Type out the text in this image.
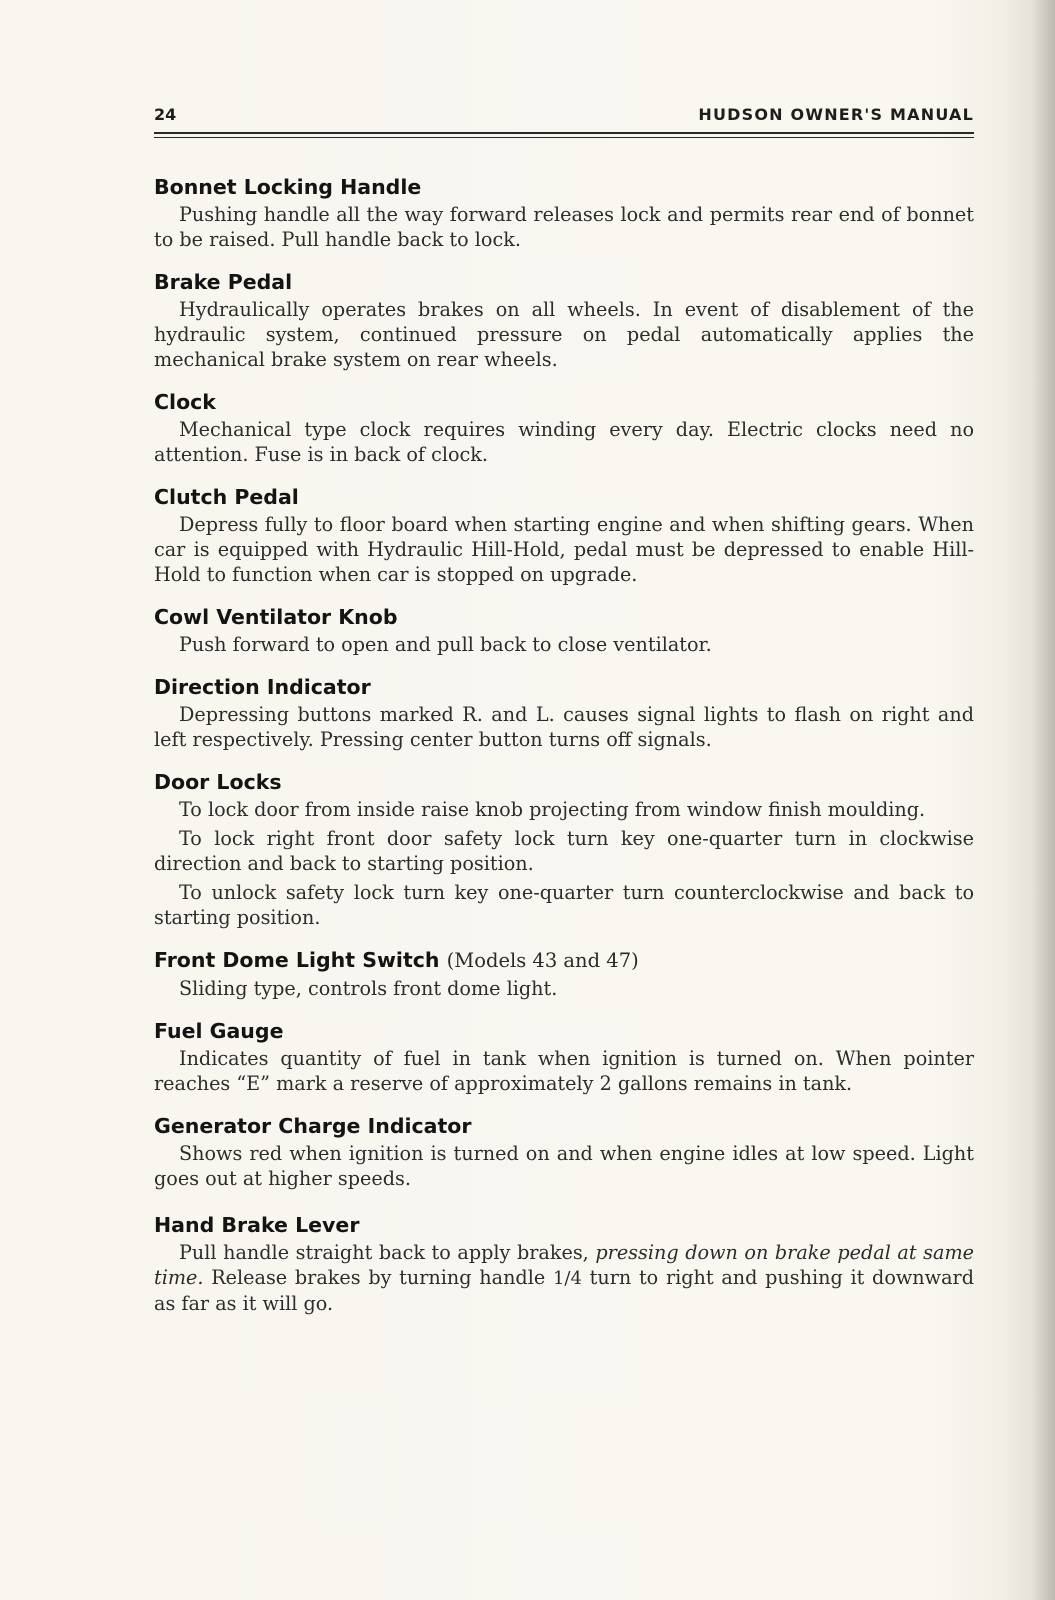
24	HUDSON OWNER'S MANUAL
Bonnet Locking Handle

Pushing handle all the way forward releases lock and permits rear end of bonnet to be raised. Pull handle back to lock.

Brake Pedal

Hydraulically operates brakes on all wheels. In event of disablement of the hydraulic system, continued pressure on pedal automatically applies the mechanical brake system on rear wheels.

Clock

Mechanical type clock requires winding every day. Electric clocks need no attention. Fuse is in back of clock.

Clutch Pedal

Depress fully to floor board when starting engine and when shifting gears. When car is equipped with Hydraulic Hill-Hold, pedal must be depressed to enable Hill-Hold to function when car is stopped on upgrade.

Cowl Ventilator Knob

Push forward to open and pull back to close ventilator.

Direction Indicator

Depressing buttons marked R. and L. causes signal lights to flash on right and left respectively. Pressing center button turns off signals.

Door Locks

To lock door from inside raise knob projecting from window finish moulding.

To lock right front door safety lock turn key one-quarter turn in clockwise direction and back to starting position.

To unlock safety lock turn key one-quarter turn counterclockwise and back to starting position.

Front Dome Light Switch (Models 43 and 47)

Sliding type, controls front dome light.

Fuel Gauge

Indicates quantity of fuel in tank when ignition is turned on. When pointer reaches “E” mark a reserve of approximately 2 gallons remains in tank.

Generator Charge Indicator

Shows red when ignition is turned on and when engine idles at low speed. Light goes out at higher speeds.

Hand Brake Lever

Pull handle straight back to apply brakes, pressing down on brake pedal at same time. Release brakes by turning handle 1/4 turn to right and pushing it downward as far as it will go.
